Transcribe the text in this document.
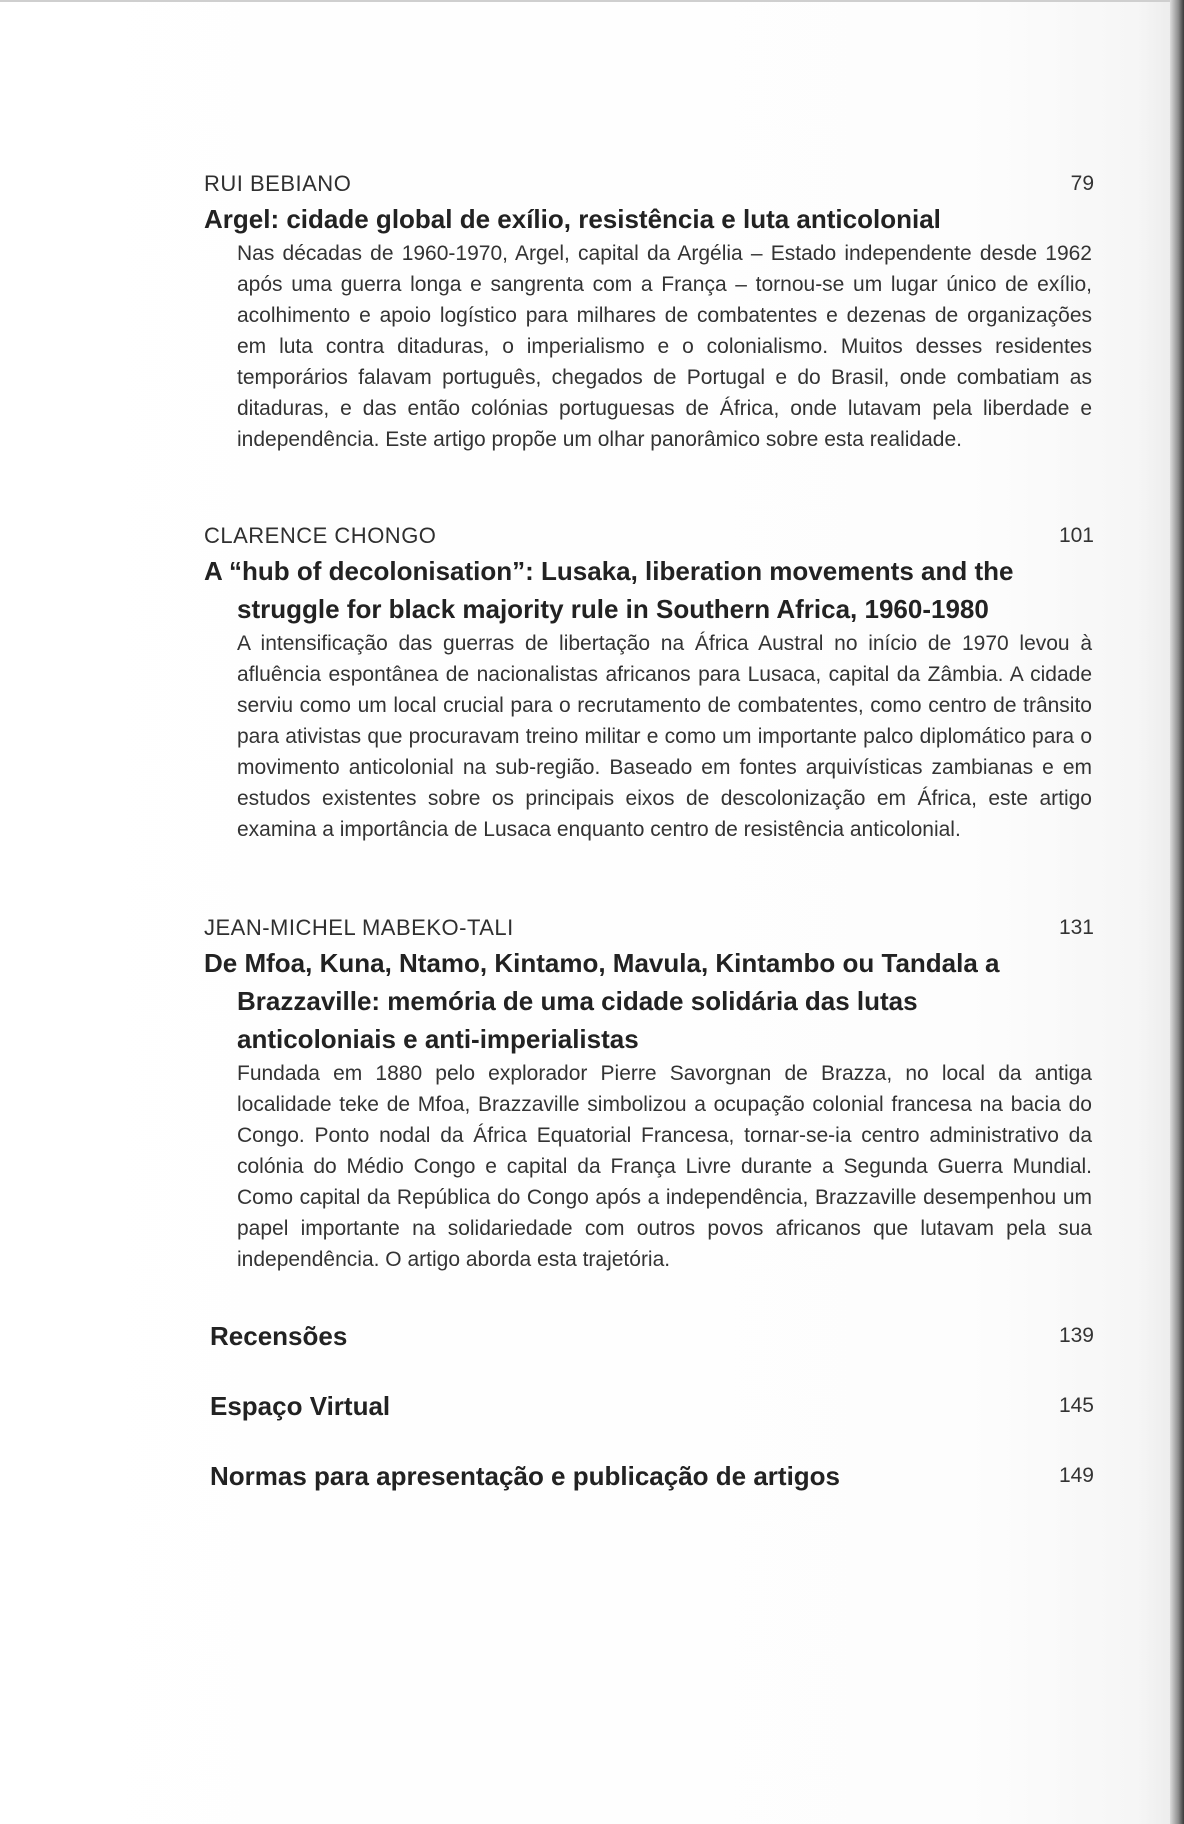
RUI BEBIANO	79
Argel: cidade global de exílio, resistência e luta anticolonial

Nas décadas de 1960-1970, Argel, capital da Argélia – Estado independente desde 1962 após uma guerra longa e sangrenta com a França – tornou-se um lugar único de exílio, acolhimento e apoio logístico para milhares de combatentes e dezenas de organizações em luta contra ditaduras, o imperialismo e o colonialismo. Muitos desses residentes temporários falavam português, chegados de Portugal e do Brasil, onde combatiam as ditaduras, e das então colónias portuguesas de África, onde lutavam pela liberdade e independência. Este artigo propõe um olhar panorâmico sobre esta realidade.

CLARENCE CHONGO	101
A “hub of decolonisation”: Lusaka, liberation movements and the struggle for black majority rule in Southern Africa, 1960-1980

A intensificação das guerras de libertação na África Austral no início de 1970 levou à afluência espontânea de nacionalistas africanos para Lusaca, capital da Zâmbia. A cidade serviu como um local crucial para o recrutamento de combatentes, como centro de trânsito para ativistas que procuravam treino militar e como um importante palco diplomático para o movimento anticolonial na sub-região. Baseado em fontes arquivísticas zambianas e em estudos existentes sobre os principais eixos de descolonização em África, este artigo examina a importância de Lusaca enquanto centro de resistência anticolonial.

JEAN-MICHEL MABEKO-TALI	131
De Mfoa, Kuna, Ntamo, Kintamo, Mavula, Kintambo ou Tandala a Brazzaville: memória de uma cidade solidária das lutas anticoloniais e anti-imperialistas

Fundada em 1880 pelo explorador Pierre Savorgnan de Brazza, no local da antiga localidade teke de Mfoa, Brazzaville simbolizou a ocupação colonial francesa na bacia do Congo. Ponto nodal da África Equatorial Francesa, tornar-se-ia centro administrativo da colónia do Médio Congo e capital da França Livre durante a Segunda Guerra Mundial. Como capital da República do Congo após a independência, Brazzaville desempenhou um papel importante na solidariedade com outros povos africanos que lutavam pela sua independência. O artigo aborda esta trajetória.

Recensões	139
Espaço Virtual	145
Normas para apresentação e publicação de artigos	149
